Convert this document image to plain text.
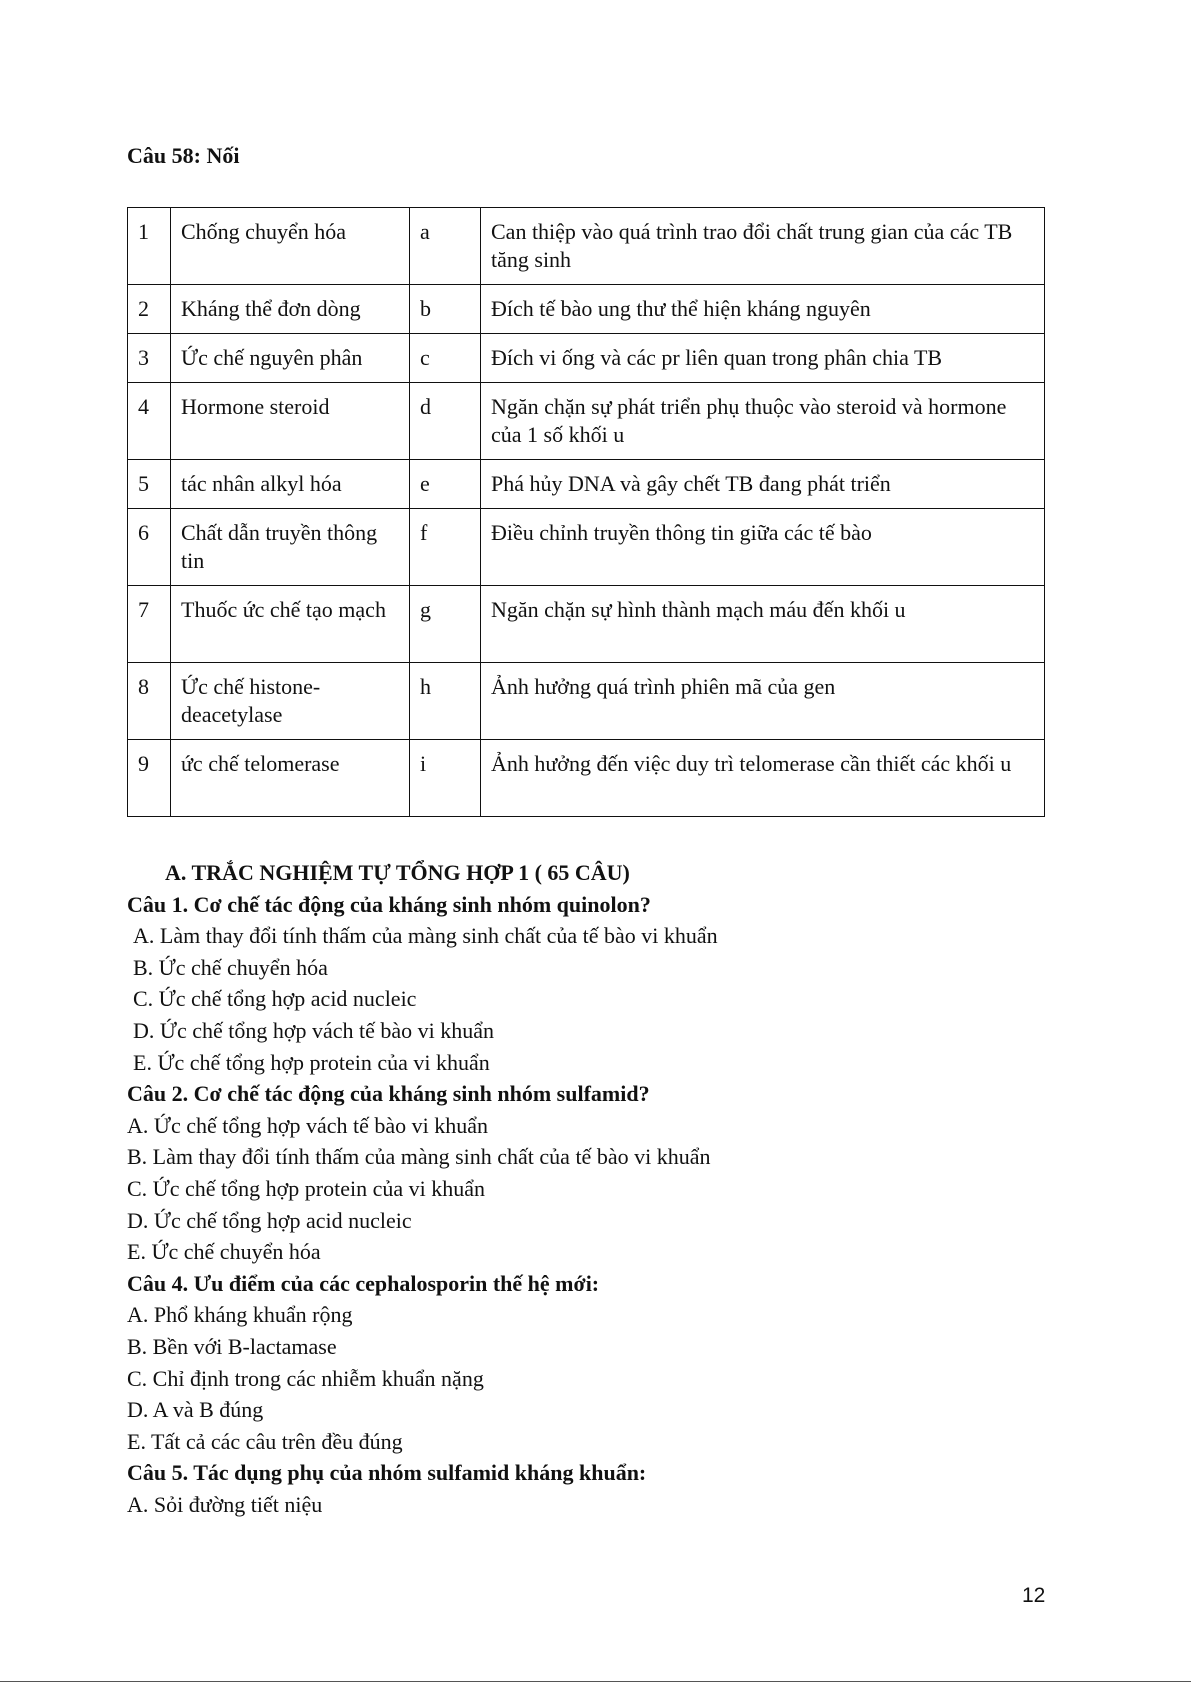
Câu 58: Nối

1	Chống chuyển hóa	a	Can thiệp vào quá trình trao đổi chất trung gian của các TB tăng sinh
2	Kháng thể đơn dòng	b	Đích tế bào ung thư thể hiện kháng nguyên
3	Ức chế nguyên phân	c	Đích vi ống và các pr liên quan trong phân chia TB
4	Hormone steroid	d	Ngăn chặn sự phát triển phụ thuộc vào steroid và hormone của 1 số khối u
5	tác nhân alkyl hóa	e	Phá hủy DNA và gây chết TB đang phát triển
6	Chất dẫn truyền thông tin	f	Điều chỉnh truyền thông tin giữa các tế bào
7	Thuốc ức chế tạo mạch	g	Ngăn chặn sự hình thành mạch máu đến khối u
8	Ức chế histone-deacetylase	h	Ảnh hưởng quá trình phiên mã của gen
9	ức chế telomerase	i	Ảnh hưởng đến việc duy trì telomerase cần thiết các khối u

A. TRẮC NGHIỆM TỰ TỔNG HỢP 1 ( 65 CÂU)

Câu 1. Cơ chế tác động của kháng sinh nhóm quinolon?

A. Làm thay đổi tính thấm của màng sinh chất của tế bào vi khuẩn

B. Ức chế chuyển hóa

C. Ức chế tổng hợp acid nucleic

D. Ức chế tổng hợp vách tế bào vi khuẩn

E. Ức chế tổng hợp protein của vi khuẩn

Câu 2. Cơ chế tác động của kháng sinh nhóm sulfamid?

A. Ức chế tổng hợp vách tế bào vi khuẩn

B. Làm thay đổi tính thấm của màng sinh chất của tế bào vi khuẩn

C. Ức chế tổng hợp protein của vi khuẩn

D. Ức chế tổng hợp acid nucleic

E. Ức chế chuyển hóa

Câu 4. Ưu điểm của các cephalosporin thế hệ mới:

A. Phổ kháng khuẩn rộng

B. Bền với B-lactamase

C. Chỉ định trong các nhiễm khuẩn nặng

D. A và B đúng

E. Tất cả các câu trên đều đúng

Câu 5. Tác dụng phụ của nhóm sulfamid kháng khuẩn:

A. Sỏi đường tiết niệu

12
